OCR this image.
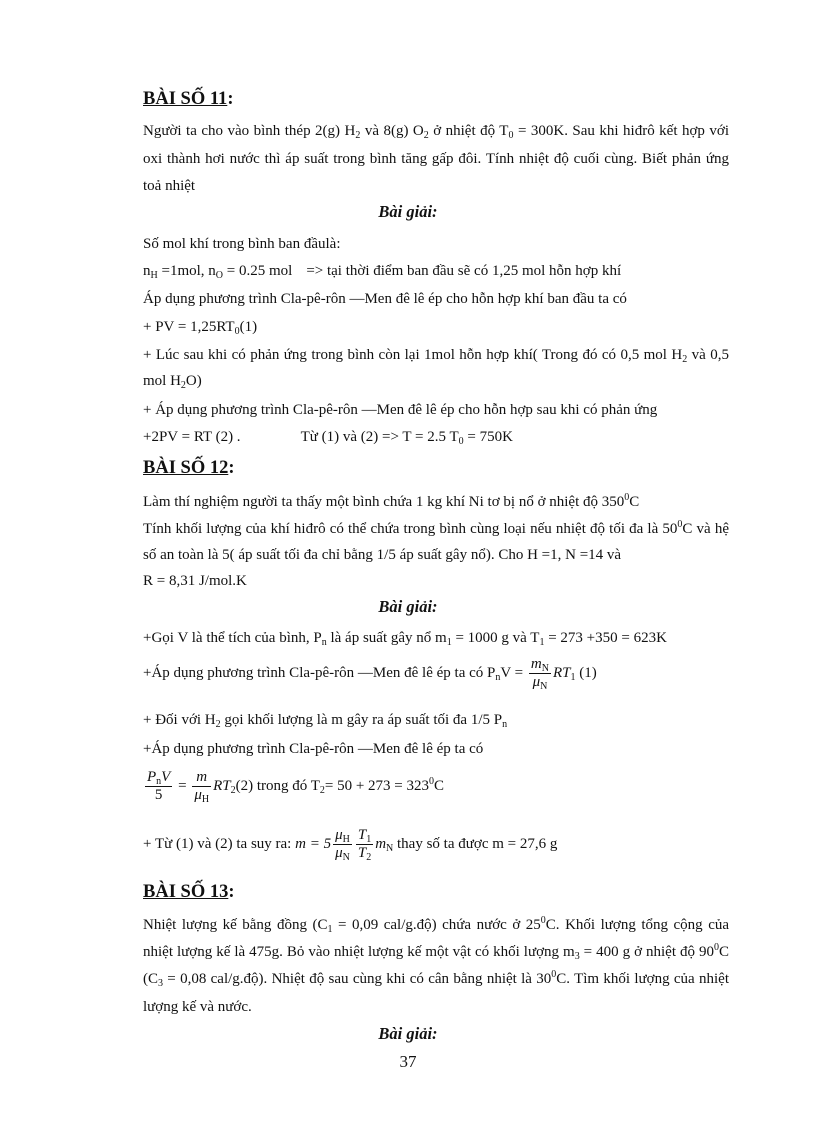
BÀI SỐ 11:
Người ta cho vào bình thép 2(g) $H_2$ và 8(g) $O_2$ ở nhiệt độ $T_0 = 300K$. Sau khi hiđrô kết hợp với
oxi thành hơi nước thì áp suất trong bình tăng gấp đôi. Tính nhiệt độ cuối cùng. Biết phản ứng
toả nhiệt
Bài giải:
Số mol khí trong bình ban đầulà:
$n_H =1mol$, $n_O = 0.25$ mol => tại thời điểm ban đầu sẽ có 1,25 mol hỗn hợp khí
Áp dụng phương trình Cla-pê-rôn —Men đê lê ép cho hỗn hợp khí ban đầu ta có
+ PV = $1,25RT_0(1)$
+ Lúc sau khi có phản ứng trong bình còn lại 1mol hỗn hợp khí( Trong đó có 0,5 mol $H_2$ và 0,5
mol $H_2O$)
+ Áp dụng phương trình Cla-pê-rôn —Men đê lê ép cho hỗn hợp sau khi có phản ứng
+2PV = RT (2) .	Từ (1) và (2) => T = 2.5 $T_0 = 750K$
BÀI SỐ 12:
Làm thí nghiệm người ta thấy một bình chứa 1 kg khí Ni tơ bị nổ ở nhiệt độ $350^0C$
Tính khối lượng của khí hiđrô có thể chứa trong bình cùng loại nếu nhiệt độ tối đa là $50^0C$ và hệ
số an toàn là 5( áp suất tối đa chỉ bằng 1/5 áp suất gây nổ). Cho H =1, N =14 và
R = 8,31 J/mol.K
Bài giải:
+Gọi V là thể tích của bình, $P_n$ là áp suất gây nổ $m_1 = 1000$ g và $T_1 = 273 +350 = 623K$
+Áp dụng phương trình Cla-pê-rôn —Men đê lê ép ta có $P_nV = \frac{m_N}{\mu_N} RT_1$ (1)
+ Đối với $H_2$ gọi khối lượng là m gây ra áp suất tối đa 1/5 $P_n$
+Áp dụng phương trình Cla-pê-rôn —Men đê lê ép ta có
$\frac{P_nV}{5} = \frac{m}{\mu_H} RT_2(2)$ trong đó $T_2= 50 + 273 = 323^0C$
+ Từ (1) và (2) ta suy ra: $m = 5 \frac{\mu_H}{\mu_N} \frac{T_1}{T_2} m_N$ thay số ta được m = 27,6 g
BÀI SỐ 13:
Nhiệt lượng kế bằng đồng ($C_1 = 0,09$ cal/g.độ) chứa nước ở $25^0C$. Khối lượng tổng cộng của
nhiệt lượng kế là 475g. Bỏ vào nhiệt lượng kế một vật có khối lượng $m_3 = 400$ g ở nhiệt độ $90^0C$
($C_3 = 0,08$ cal/g.độ). Nhiệt độ sau cùng khi có cân bằng nhiệt là $30^0C$. Tìm khối lượng của nhiệt
lượng kế và nước.
Bài giải:
37
